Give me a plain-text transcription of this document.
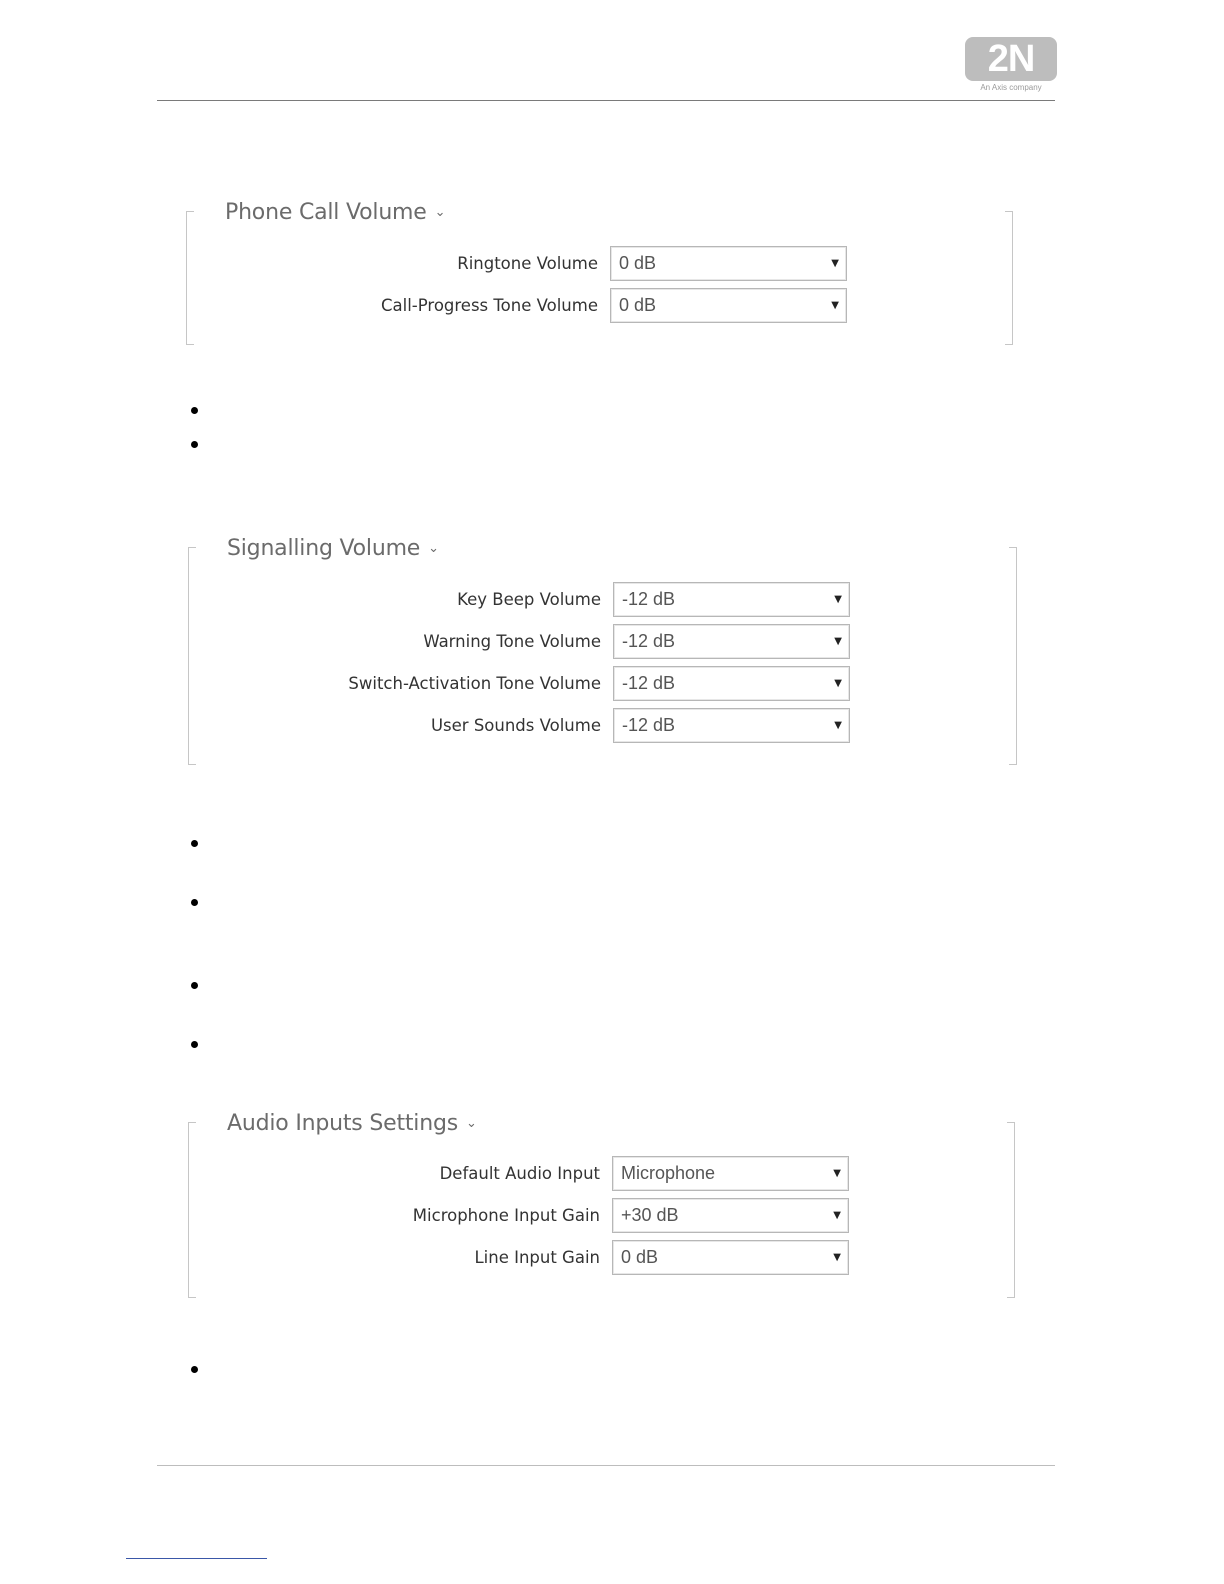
2N
An Axis company
Phone Call Volume ⌄
Ringtone Volume 0 dB	▼
Call-Progress Tone Volume 0 dB	▼
Signalling Volume ⌄
Key Beep Volume -12 dB	▼
Warning Tone Volume -12 dB	▼
Switch-Activation Tone Volume -12 dB	▼
User Sounds Volume -12 dB	▼
Audio Inputs Settings ⌄
Default Audio Input Microphone	▼
Microphone Input Gain +30 dB	▼
Line Input Gain 0 dB	▼
